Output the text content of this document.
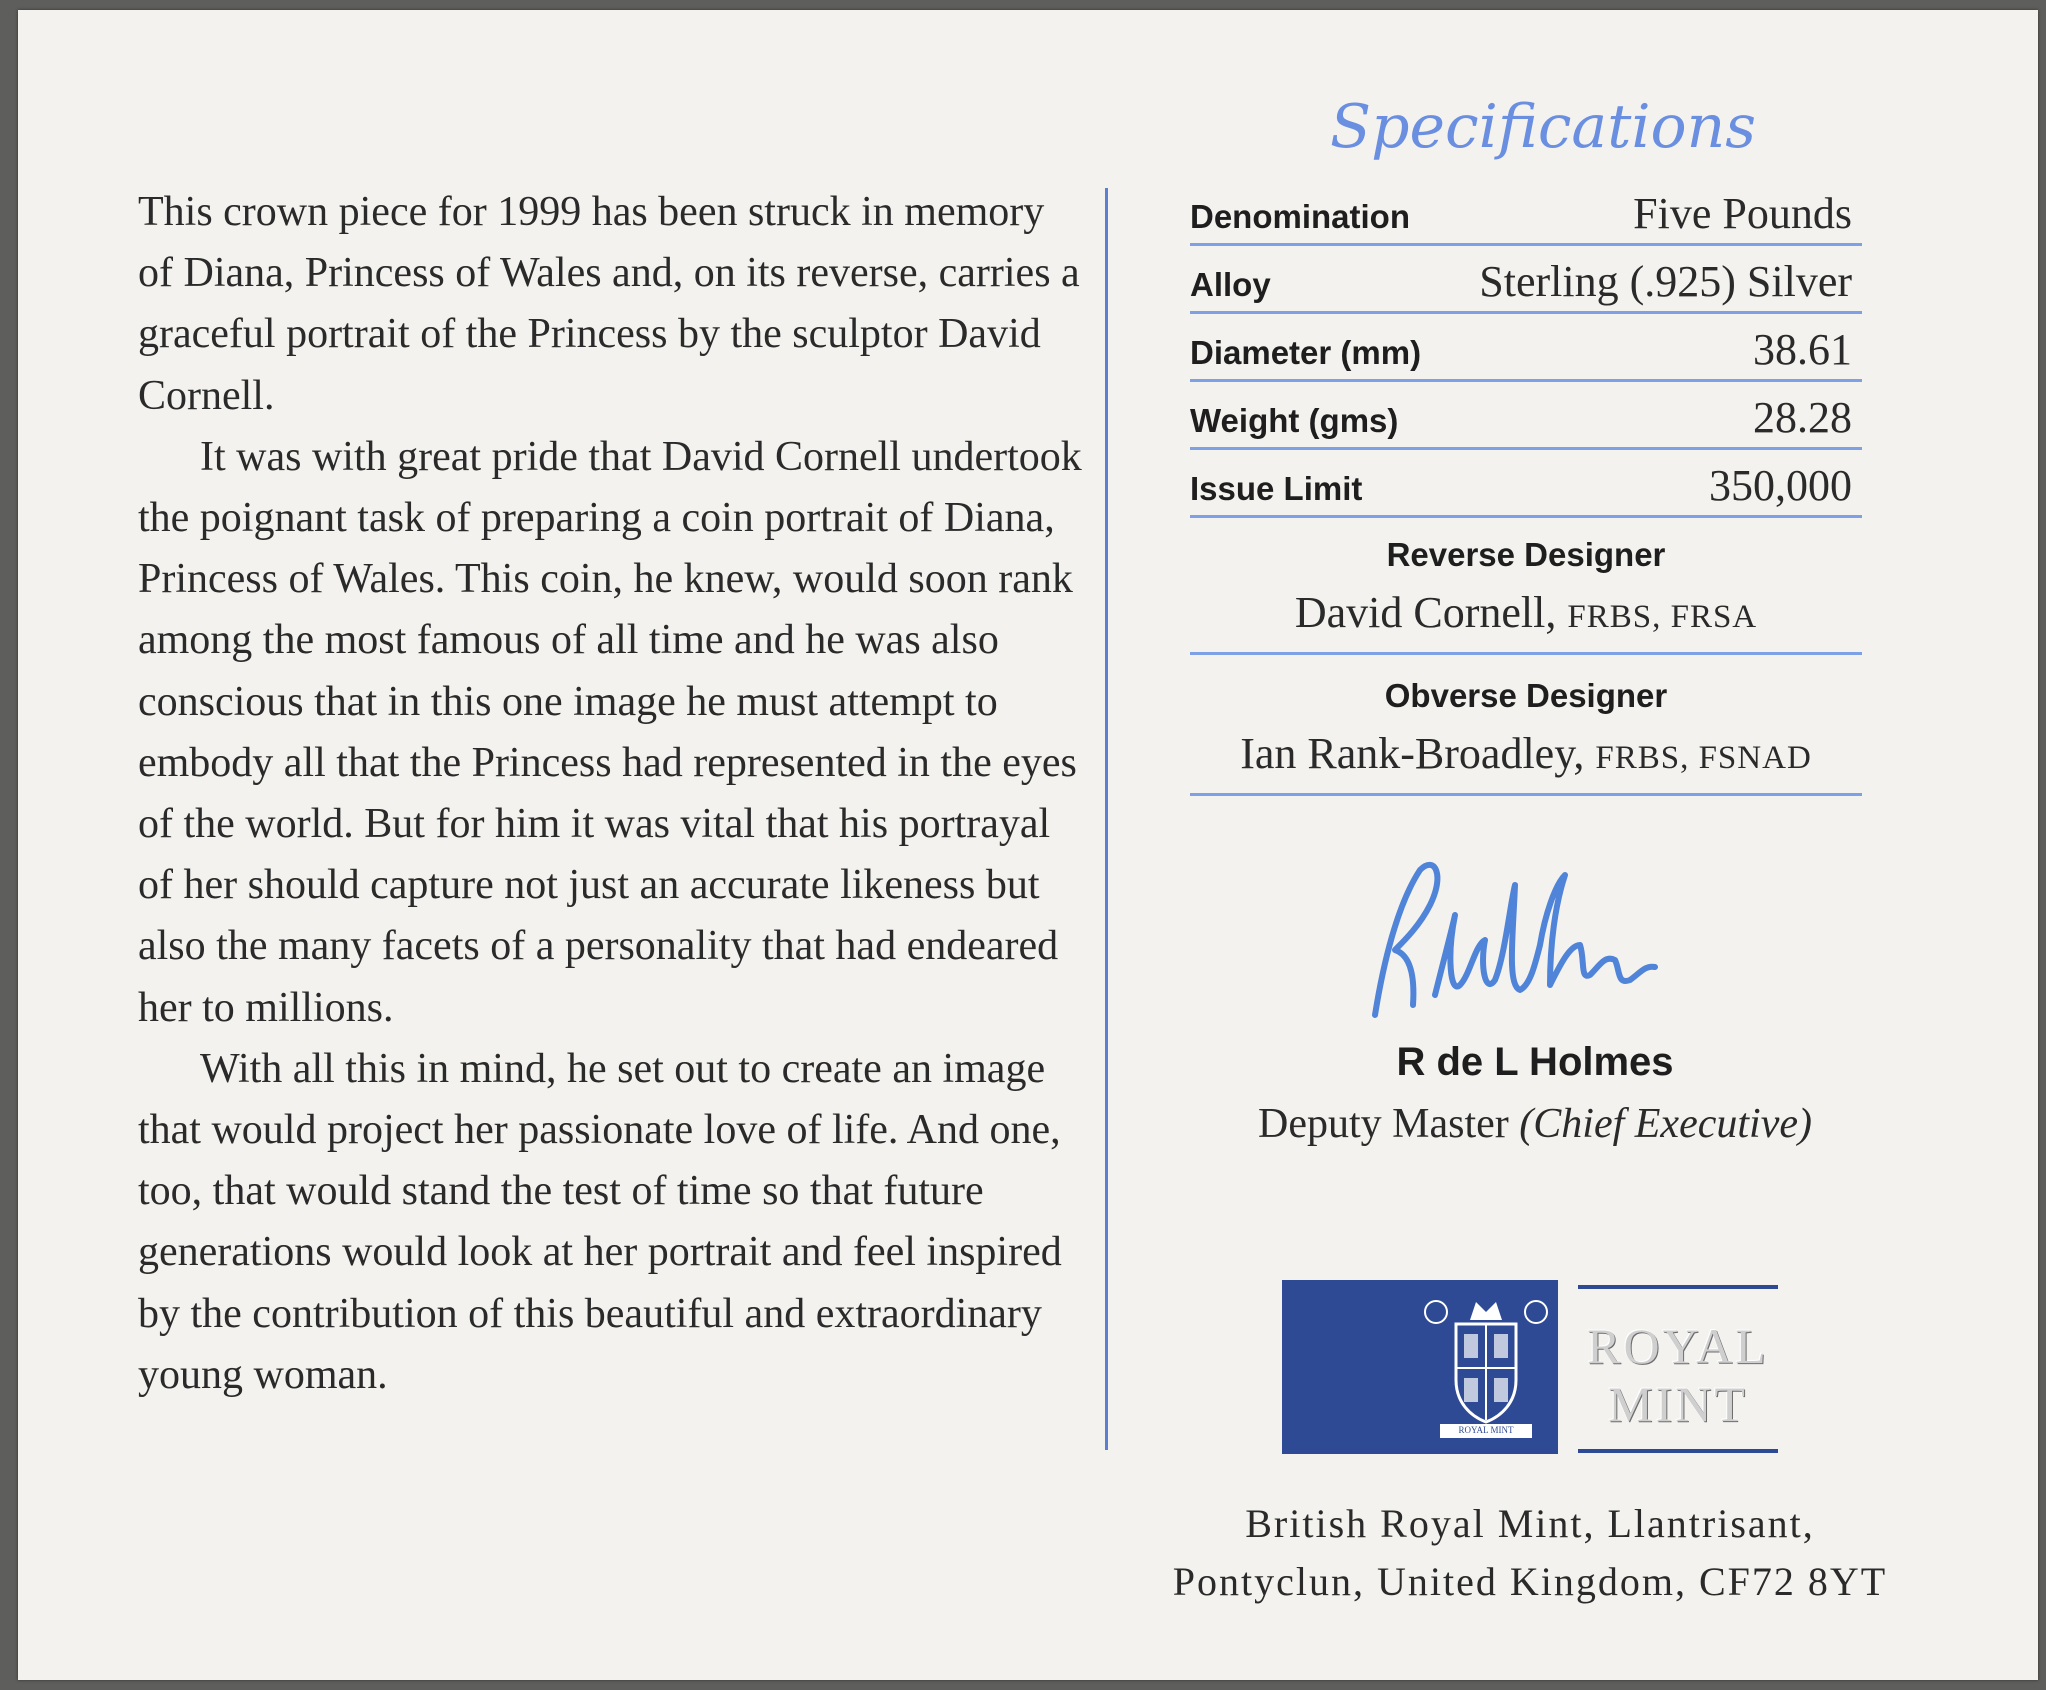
This crown piece for 1999 has been struck in memory of Diana, Princess of Wales and, on its reverse, carries a graceful portrait of the Princess by the sculptor David Cornell.

It was with great pride that David Cornell undertook the poignant task of preparing a coin portrait of Diana, Princess of Wales. This coin, he knew, would soon rank among the most famous of all time and he was also conscious that in this one image he must attempt to embody all that the Princess had represented in the eyes of the world. But for him it was vital that his portrayal of her should capture not just an accurate likeness but also the many facets of a personality that had endeared her to millions.

With all this in mind, he set out to create an image that would project her passionate love of life. And one, too, that would stand the test of time so that future generations would look at her portrait and feel inspired by the contribution of this beautiful and extraordinary young woman.

Specifications
Denomination	Five Pounds
Alloy	Sterling (.925) Silver
Diameter (mm)	38.61
Weight (gms)	28.28
Issue Limit	350,000
Reverse Designer
David Cornell, FRBS, FRSA
Obverse Designer
Ian Rank-Broadley, FRBS, FSNAD
R de L Holmes
Deputy Master (Chief Executive)
ROYAL MINT
ROYAL
MINT
British Royal Mint, Llantrisant,
Pontyclun, United Kingdom, CF72 8YT
